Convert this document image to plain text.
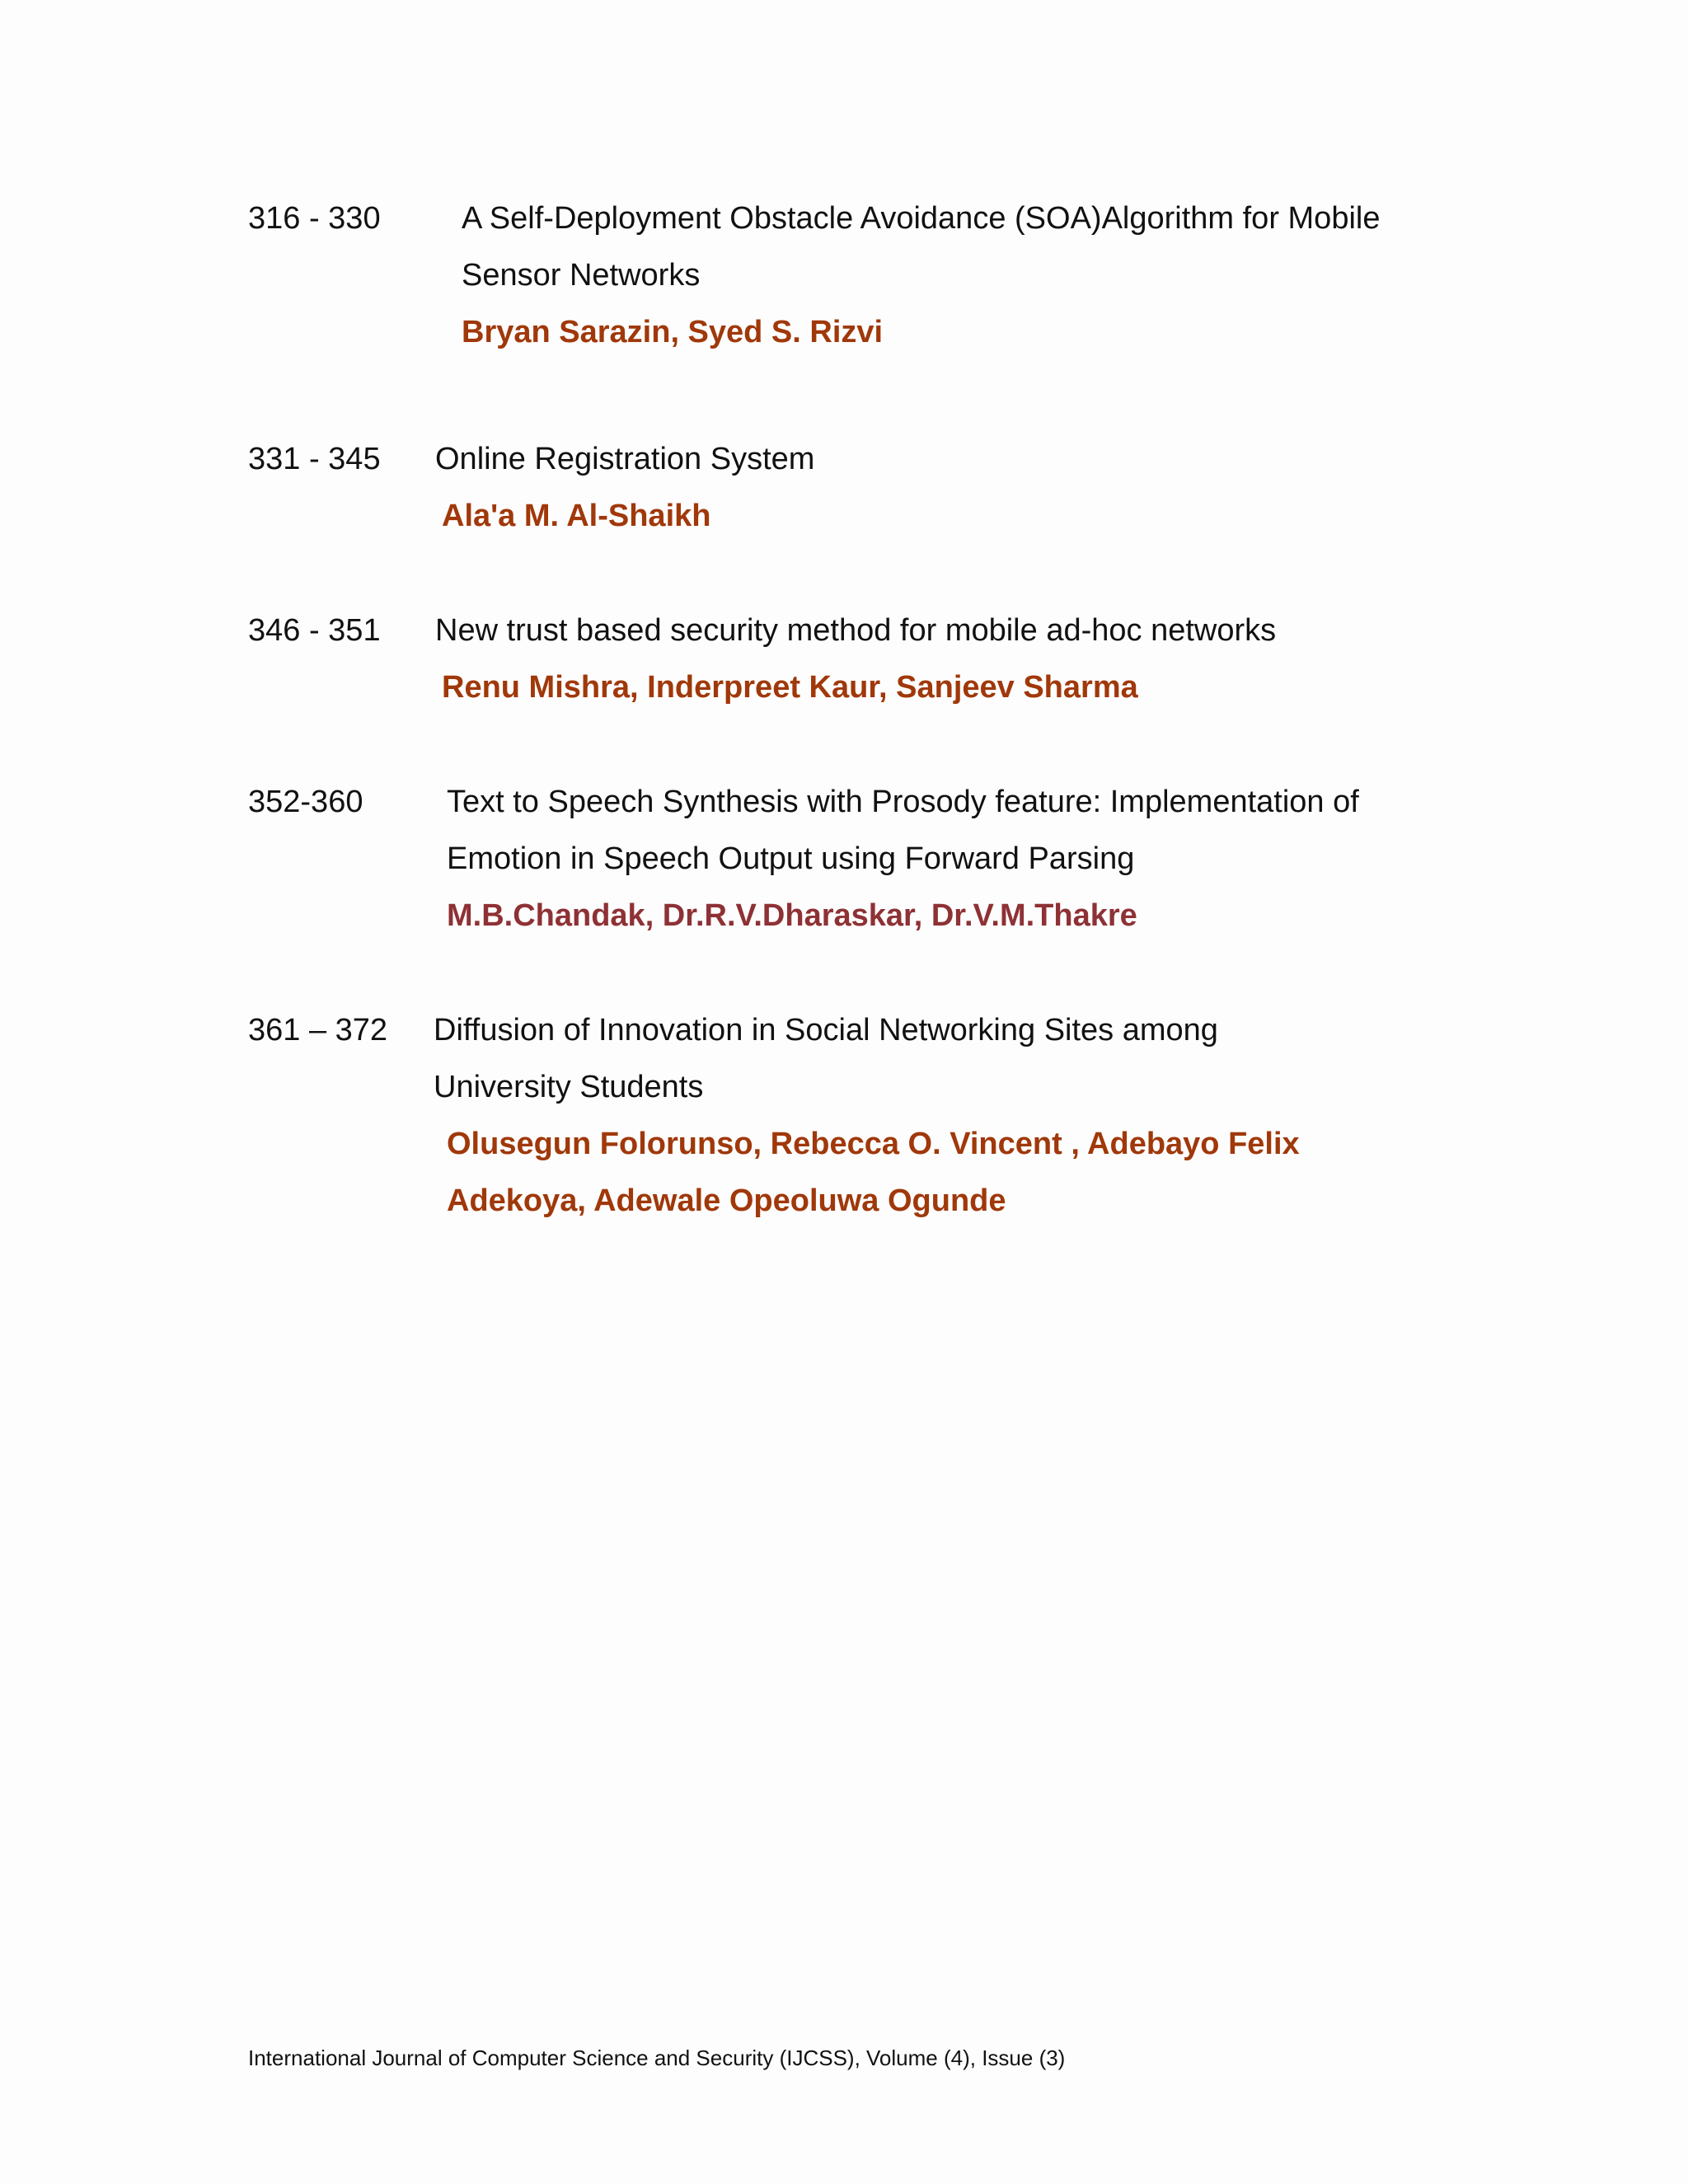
316 - 330	A Self-Deployment Obstacle Avoidance (SOA)Algorithm for Mobile
Sensor Networks
Bryan Sarazin, Syed S. Rizvi
331 - 345 Online Registration System
Ala'a M. Al-Shaikh
346 - 351 New trust based security method for mobile ad-hoc networks
Renu Mishra, Inderpreet Kaur, Sanjeev Sharma
352-360	Text to Speech Synthesis with Prosody feature: Implementation of
Emotion in Speech Output using Forward Parsing
M.B.Chandak, Dr.R.V.Dharaskar, Dr.V.M.Thakre
361 – 372 Diffusion of Innovation in Social Networking Sites among
University Students
Olusegun Folorunso, Rebecca O. Vincent , Adebayo Felix
Adekoya, Adewale Opeoluwa Ogunde
International Journal of Computer Science and Security (IJCSS), Volume (4), Issue (3)
